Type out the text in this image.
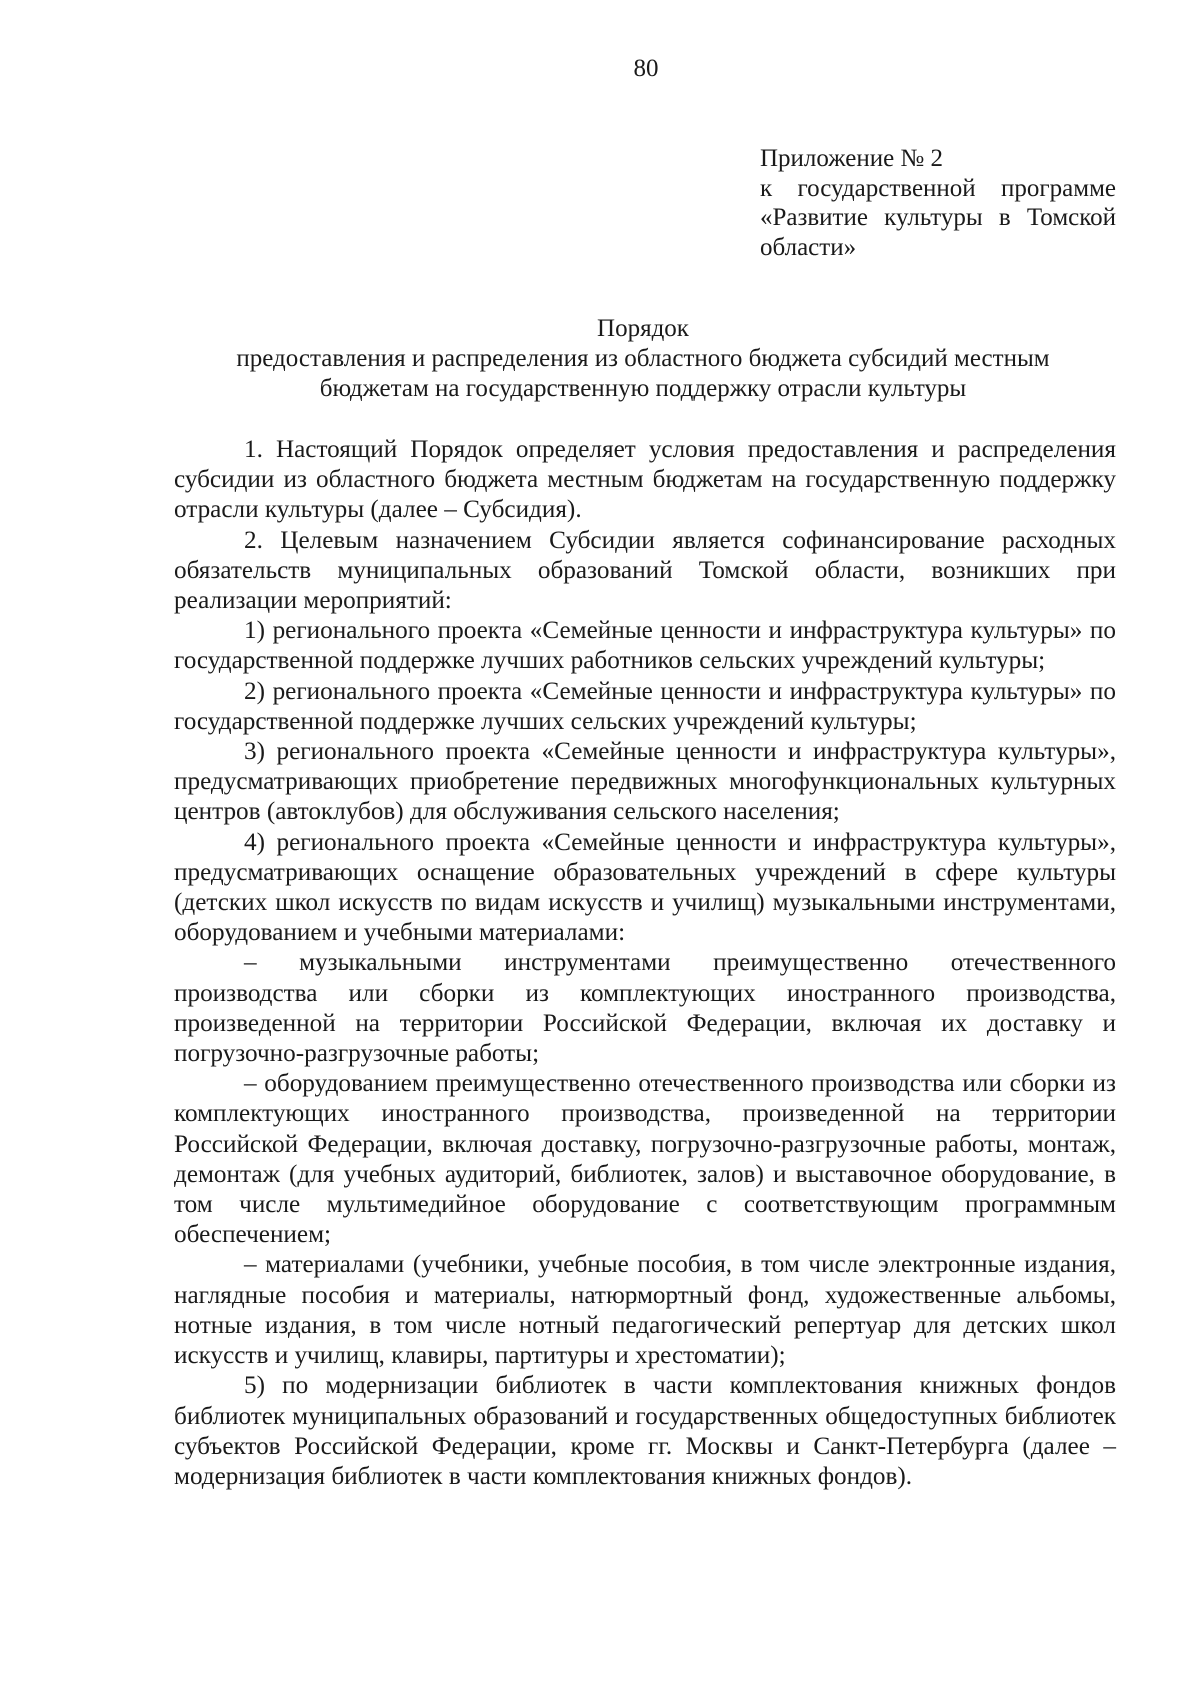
80
Приложение № 2
к государственной программе
«Развитие культуры в Томской
области»
Порядок
предоставления и распределения из областного бюджета субсидий местным
бюджетам на государственную поддержку отрасли культуры

1. Настоящий Порядок определяет условия предоставления и распределения субсидии из областного бюджета местным бюджетам на государственную поддержку отрасли культуры (далее – Субсидия).

2. Целевым назначением Субсидии является софинансирование расходных обязательств муниципальных образований Томской области, возникших при реализации мероприятий:

1) регионального проекта «Семейные ценности и инфраструктура культуры» по государственной поддержке лучших работников сельских учреждений культуры;

2) регионального проекта «Семейные ценности и инфраструктура культуры» по государственной поддержке лучших сельских учреждений культуры;

3) регионального проекта «Семейные ценности и инфраструктура культуры», предусматривающих приобретение передвижных многофункциональных культурных центров (автоклубов) для обслуживания сельского населения;

4) регионального проекта «Семейные ценности и инфраструктура культуры», предусматривающих оснащение образовательных учреждений в сфере культуры (детских школ искусств по видам искусств и училищ) музыкальными инструментами, оборудованием и учебными материалами:

– музыкальными инструментами преимущественно отечественного производства или сборки из комплектующих иностранного производства, произведенной на территории Российской Федерации, включая их доставку и погрузочно-разгрузочные работы;

– оборудованием преимущественно отечественного производства или сборки из комплектующих иностранного производства, произведенной на территории Российской Федерации, включая доставку, погрузочно-разгрузочные работы, монтаж, демонтаж (для учебных аудиторий, библиотек, залов) и выставочное оборудование, в том числе мультимедийное оборудование с соответствующим программным обеспечением;

– материалами (учебники, учебные пособия, в том числе электронные издания, наглядные пособия и материалы, натюрмортный фонд, художественные альбомы, нотные издания, в том числе нотный педагогический репертуар для детских школ искусств и училищ, клавиры, партитуры и хрестоматии);

5) по модернизации библиотек в части комплектования книжных фондов библиотек муниципальных образований и государственных общедоступных библиотек субъектов Российской Федерации, кроме гг. Москвы и Санкт-Петербурга (далее – модернизация библиотек в части комплектования книжных фондов).
